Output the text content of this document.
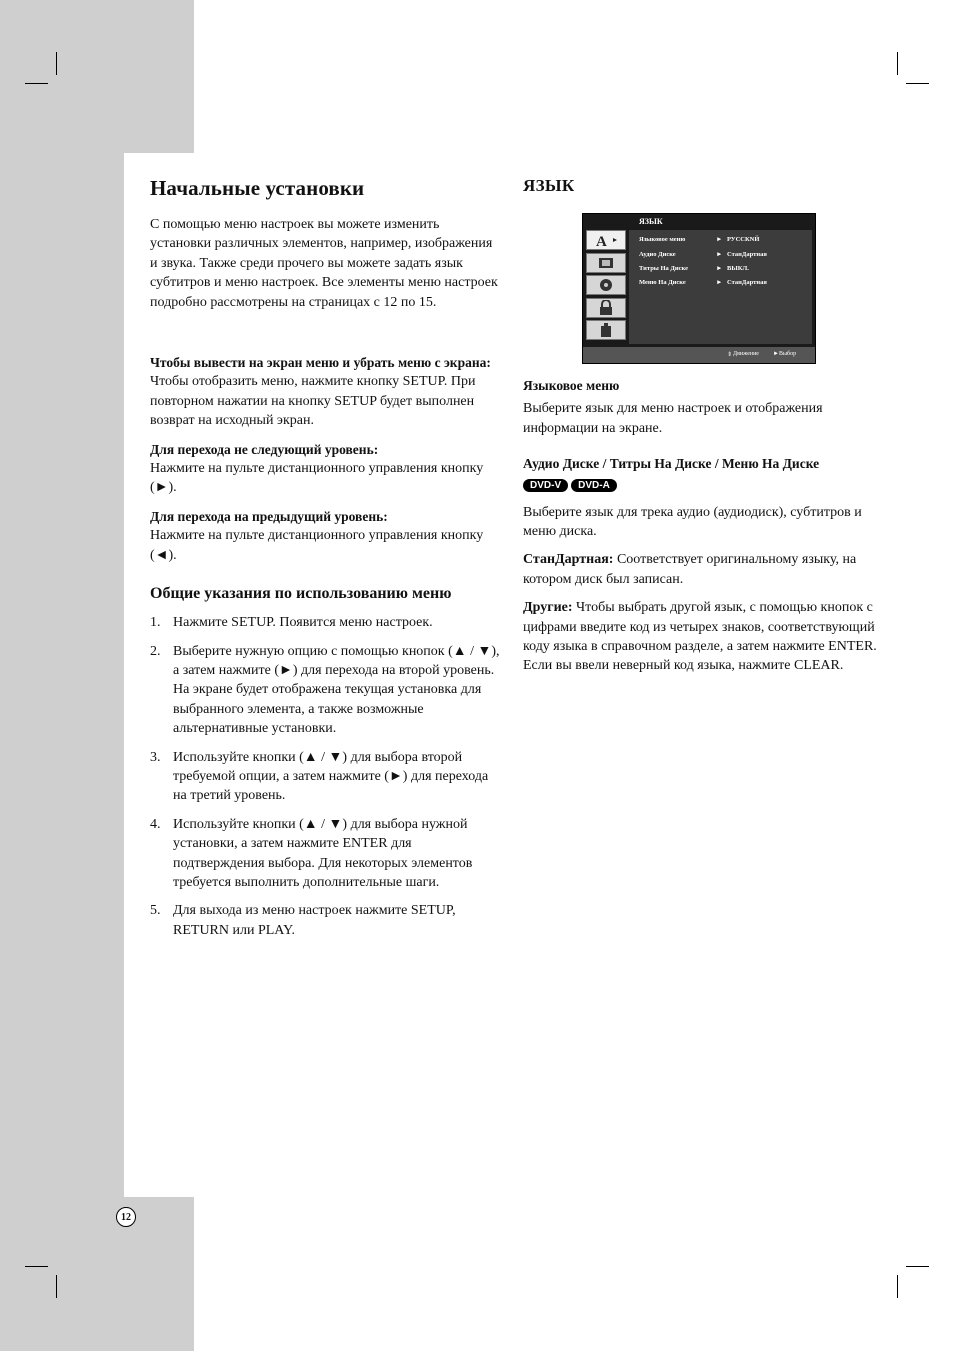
Начальные установки

С помощью меню настроек вы можете изменить установки различных элементов, например, изображения и звука. Также среди прочего вы можете задать язык субтитров и меню настроек. Все элементы меню настроек подробно рассмотрены на страницах с 12 по 15.

Чтобы вывести на экран меню и убрать меню с экрана:

Чтобы отобразить меню, нажмите кнопку SETUP. При повторном нажатии на кнопку SETUP будет выполнен возврат на исходный экран.

Для перехода не следующий уровень:

Нажмите на пульте дистанционного управления кнопку (►).

Для перехода на предыдущий уровень:

Нажмите на пульте дистанционного управления кнопку (◄).

Общие указания по использованию меню
1. Нажмите SETUP. Появится меню настроек.
2. Выберите нужную опцию с помощью кнопок (▲ / ▼), а затем нажмите (►) для перехода на второй уровень. На экране будет отображена текущая установка для выбранного элемента, а также возможные альтернативные установки.
3. Используйте кнопки (▲ / ▼) для выбора второй требуемой опции, а затем нажмите (►) для перехода на третий уровень.
4. Используйте кнопки (▲ / ▼) для выбора нужной установки, а затем нажмите ENTER для подтверждения выбора. Для некоторых элементов требуется выполнить дополнительные шаги.
5. Для выхода из меню настроек нажмите SETUP, RETURN или PLAY.
ЯЗЫК
ЯЗЫК
A	Языковое меню
Аудио Диске
Титры На Диске
Меню На Диске
►
►
►
►
РУССКNЙ
СтанДартная
ВЫКЛ.
СтанДартная
⇕ Движение ► Выбор

Языковое меню

Выберите язык для меню настроек и отображения информации на экране.

Аудио Диске / Титры На Диске / Меню На Диске

DVD-V DVD-A

Выберите язык для трека аудио (аудиодиск), субтитров и меню диска.

СтанДартная: Соответствует оригинальному языку, на котором диск был записан.

Другие: Чтобы выбрать другой язык, с помощью кнопок с цифрами введите код из четырех знаков, соответствующий коду языка в справочном разделе, а затем нажмите ENTER. Если вы ввели неверный код языка, нажмите CLEAR.

12
